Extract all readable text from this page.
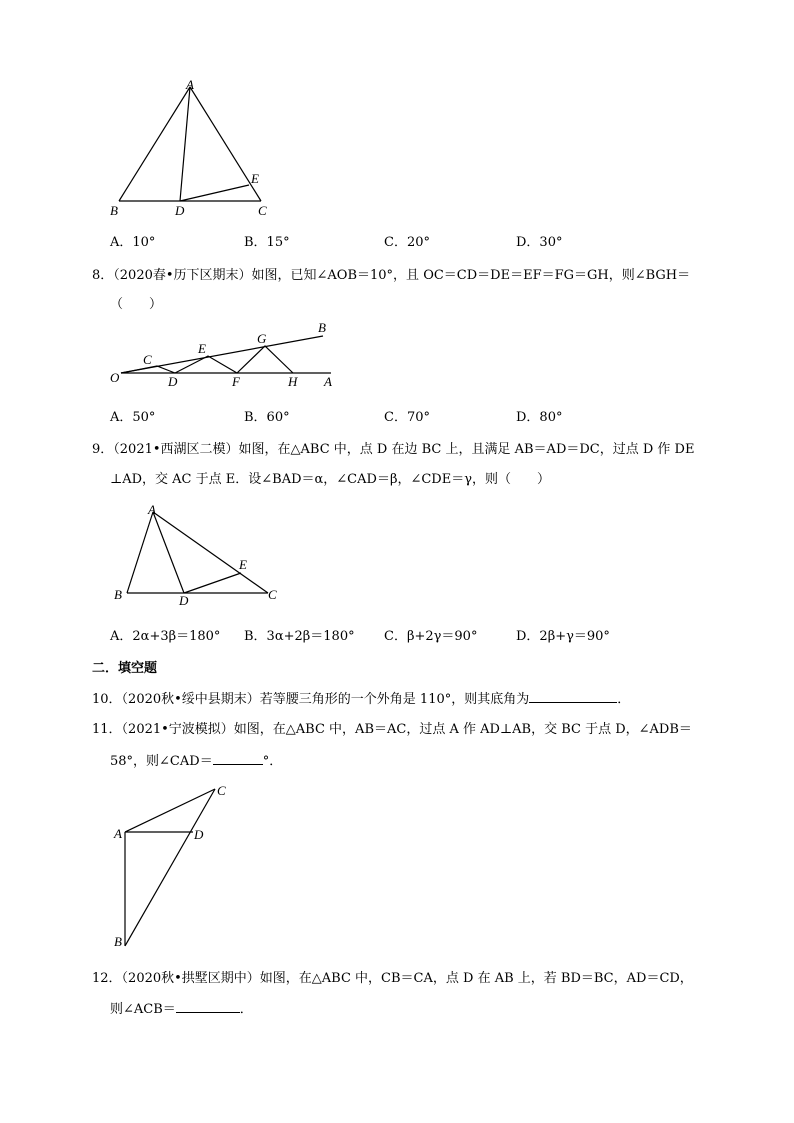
A
B	D	C
E
A．10°	B．15°	C．20°	D．30°
8．（2020春•历下区期末）如图，已知∠AOB＝10°，且 OC＝CD＝DE＝EF＝FG＝GH，则∠BGH＝
（　　）
O
C
D
E
F
G
H A
B
A．50°	B．60°	C．70°	D．80°
9．（2021•西湖区二模）如图，在△ABC 中，点 D 在边 BC 上，且满足 AB＝AD＝DC，过点 D 作 DE
⊥AD，交 AC 于点 E．设∠BAD＝α，∠CAD＝β，∠CDE＝γ，则（　　）
A
B	D	C
E
A．2α+3β＝180° B．3α+2β＝180° C．β+2γ＝90°	D．2β+γ＝90°
二．填空题
10．（2020秋•绥中县期末）若等腰三角形的一个外角是 110°，则其底角为	．
11．（2021•宁波模拟）如图，在△ABC 中，AB＝AC，过点 A 作 AD⊥AB，交 BC 于点 D，∠ADB＝
58°，则∠CAD＝	°．
A
B
C
D
12．（2020秋•拱墅区期中）如图，在△ABC 中，CB＝CA，点 D 在 AB 上，若 BD＝BC，AD＝CD，
则∠ACB＝	．
